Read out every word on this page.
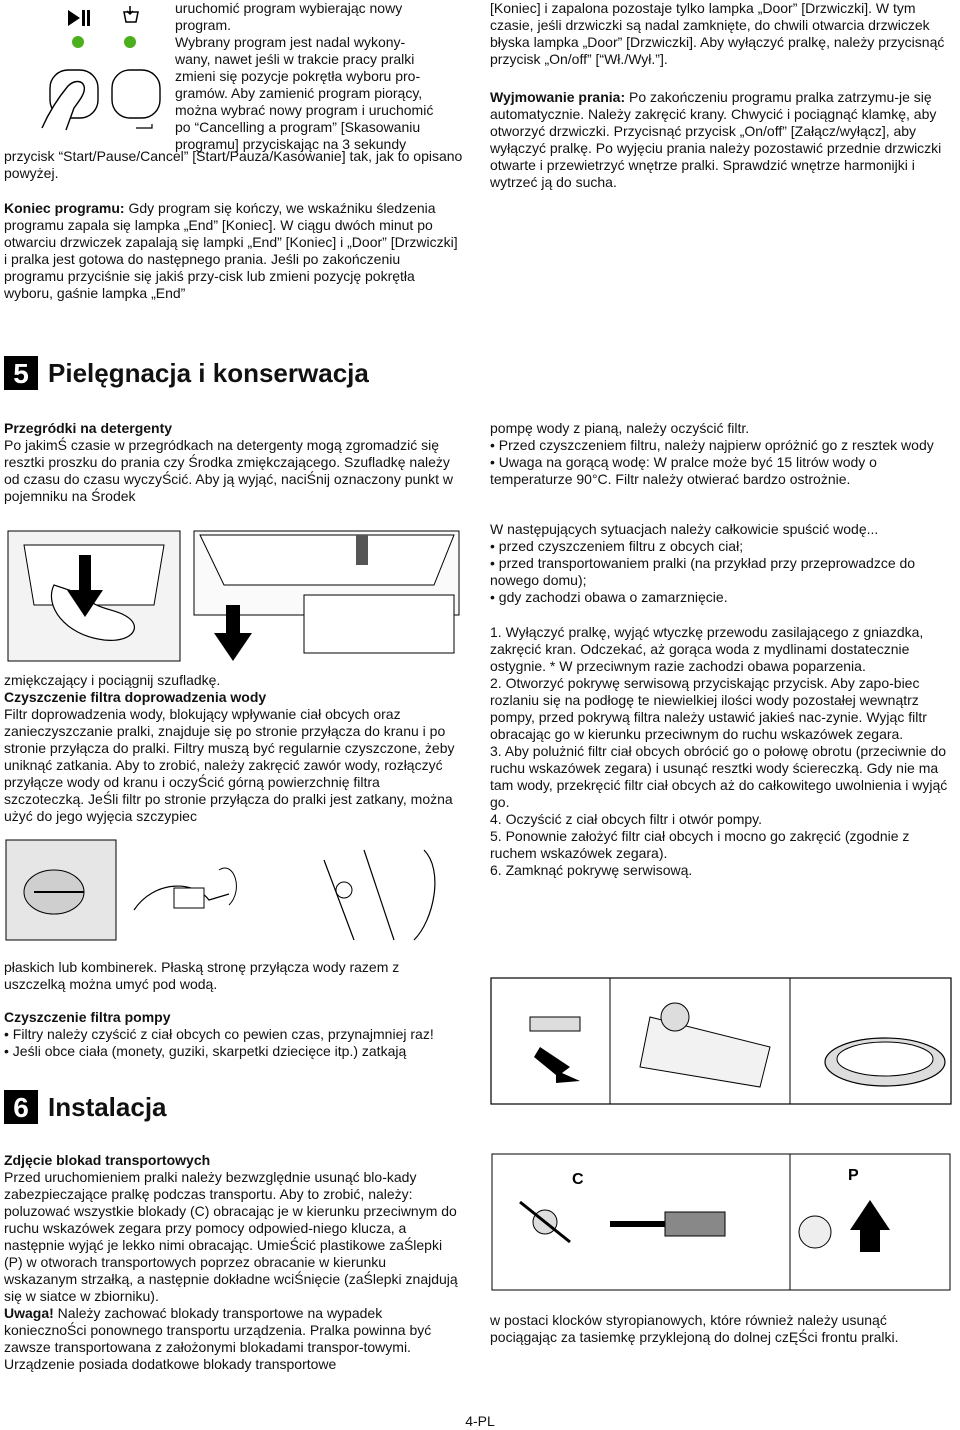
uruchomić program wybierając nowy

program.

Wybrany program jest nadal wykony-

wany, nawet jeśli w trakcie pracy pralki

zmieni się pozycje pokrętła wyboru pro-

gramów. Aby zamienić program piorący,

można wybrać nowy program i uruchomić

po “Cancelling a program” [Skasowaniu

programu] przyciskając na 3 sekundy

przycisk “Start/Pause/Cancel” [Start/Pauza/Kasowanie] tak, jak to opisano powyżej.

Koniec programu: Gdy program się kończy, we wskaźniku śledzenia programu zapala się lampka „End” [Koniec]. W ciągu dwóch minut po otwarciu drzwiczek zapalają się lampki „End” [Koniec] i „Door” [Drzwiczki] i pralka jest gotowa do następnego prania. Jeśli po zakończeniu programu przyciśnie się jakiś przy-cisk lub zmieni pozycję pokrętła wyboru, gaśnie lampka „End”

[Koniec] i zapalona pozostaje tylko lampka „Door” [Drzwiczki]. W tym czasie, jeśli drzwiczki są nadal zamknięte, do chwili otwarcia drzwiczek błyska lampka „Door” [Drzwiczki]. Aby wyłączyć pralkę, należy przycisnąć przycisk „On/off” [“Wł./Wył.”].

Wyjmowanie prania: Po zakończeniu programu pralka zatrzymu-je się automatycznie. Należy zakręcić krany. Chwycić i pociągnąć klamkę, aby otworzyć drzwiczki. Przycisnąć przycisk „On/off” [Załącz/wyłącz], aby wyłączyć pralkę. Po wyjęciu prania należy pozostawić przednie drzwiczki otwarte i przewietrzyć wnętrze pralki. Sprawdzić wnętrze harmonijki i wytrzeć ją do sucha.

5 Pielęgnacja i konserwacja

Przegródki na detergenty

Po jakimŚ czasie w przegródkach na detergenty mogą zgromadzić się resztki proszku do prania czy Środka zmiękczającego. Szufladkę należy od czasu do czasu wyczyŚcić. Aby ją wyjąć, naciŚnij oznaczony punkt w pojemniku na Środek

zmiękczający i pociągnij szufladkę.

Czyszczenie filtra doprowadzenia wody

Filtr doprowadzenia wody, blokujący wpływanie ciał obcych oraz zanieczyszczanie pralki, znajduje się po stronie przyłącza do kranu i po stronie przyłącza do pralki. Filtry muszą być regularnie czyszczone, żeby uniknąć zatkania. Aby to zrobić, należy zakręcić zawór wody, rozłączyć przyłącze wody od kranu i oczyŚcić górną powierzchnię filtra szczoteczką. JeŚli filtr po stronie przyłącza do pralki jest zatkany, można użyć do jego wyjęcia szczypiec

płaskich lub kombinerek. Płaską stronę przyłącza wody razem z uszczelką można umyć pod wodą.

Czyszczenie filtra pompy

• Filtry należy czyścić z ciał obcych co pewien czas, przynajmniej raz!

• Jeśli obce ciała (monety, guziki, skarpetki dziecięce itp.) zatkają

pompę wody z pianą, należy oczyścić filtr.

• Przed czyszczeniem filtru, należy najpierw opróżnić go z resztek wody

• Uwaga na gorącą wodę: W pralce może być 15 litrów wody o temperaturze 90°C. Filtr należy otwierać bardzo ostrożnie.

W następujących sytuacjach należy całkowicie spuścić wodę...

• przed czyszczeniem filtru z obcych ciał;

• przed transportowaniem pralki (na przykład przy przeprowadzce do nowego domu);

• gdy zachodzi obawa o zamarznięcie.

1. Wyłączyć pralkę, wyjąć wtyczkę przewodu zasilającego z gniazdka, zakręcić kran. Odczekać, aż gorąca woda z mydlinami dostatecznie ostygnie. * W przeciwnym razie zachodzi obawa poparzenia.

2. Otworzyć pokrywę serwisową przyciskając przycisk. Aby zapo-biec rozlaniu się na podłogę te niewielkiej ilości wody pozostałej wewnątrz pompy, przed pokrywą filtra należy ustawić jakieś nac-zynie. Wyjąc filtr obracając go w kierunku przeciwnym do ruchu wskazówek zegara.

3. Aby polużnić filtr ciał obcych obrócić go o połowę obrotu (przeciwnie do ruchu wskazówek zegara) i usunąć resztki wody ściereczką. Gdy nie ma tam wody, przekręcić filtr ciał obcych aż do całkowitego uwolnienia i wyjąć go.

4. Oczyścić z ciał obcych filtr i otwór pompy.

5. Ponownie założyć filtr ciał obcych i mocno go zakręcić (zgodnie z ruchem wskazówek zegara).

6. Zamknąć pokrywę serwisową.

6 Instalacja

Zdjęcie blokad transportowych

Przed uruchomieniem pralki należy bezwzględnie usunąć blo-kady zabezpieczające pralkę podczas transportu. Aby to zrobić, należy: poluzować wszystkie blokady (C) obracając je w kierunku przeciwnym do ruchu wskazówek zegara przy pomocy odpowied-niego klucza, a następnie wyjąć je lekko nimi obracając. UmieŚcić plastikowe zaŚlepki (P) w otworach transportowych poprzez obracanie w kierunku wskazanym strzałką, a następnie dokładne wciŚnięcie (zaŚlepki znajdują się w siatce w zbiorniku).

Uwaga! Należy zachować blokady transportowe na wypadek koniecznoŚci ponownego transportu urządzenia. Pralka powinna być zawsze transportowana z założonymi blokadami transpor-towymi. Urządzenie posiada dodatkowe blokady transportowe

C	P

w postaci klocków styropianowych, które również należy usunąć pociągając za tasiemkę przyklejoną do dolnej czĘŚci frontu pralki.

4-PL
